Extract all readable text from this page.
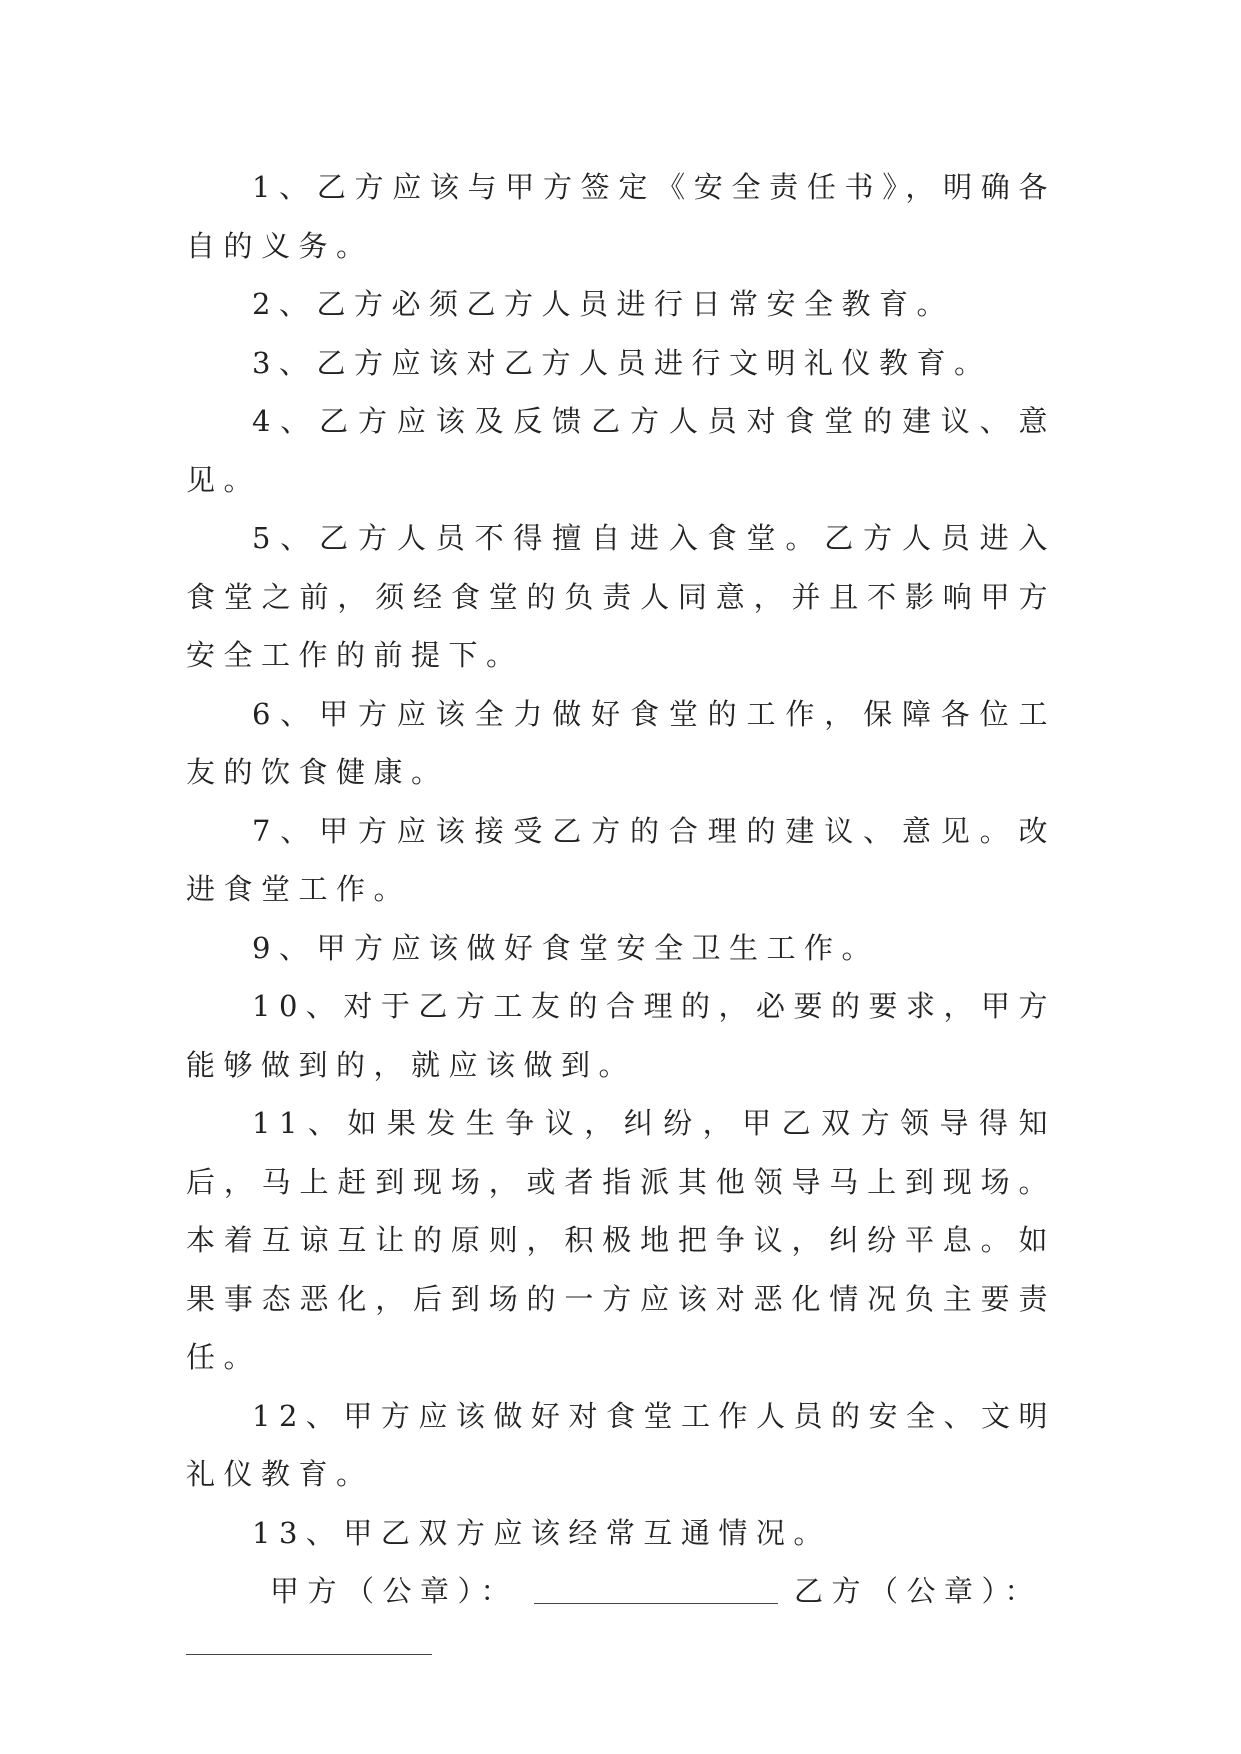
1、乙方应该与甲方签定《安全责任书》，明确各自的义务。

2、乙方必须乙方人员进行日常安全教育。

3、乙方应该对乙方人员进行文明礼仪教育。

4、乙方应该及反馈乙方人员对食堂的建议、意见。

5、乙方人员不得擅自进入食堂。乙方人员进入食堂之前，须经食堂的负责人同意，并且不影响甲方安全工作的前提下。

6、甲方应该全力做好食堂的工作，保障各位工友的饮食健康。

7、甲方应该接受乙方的合理的建议、意见。改进食堂工作。

9、甲方应该做好食堂安全卫生工作。

10、对于乙方工友的合理的，必要的要求，甲方能够做到的，就应该做到。

11、如果发生争议，纠纷，甲乙双方领导得知后，马上赶到现场，或者指派其他领导马上到现场。本着互谅互让的原则，积极地把争议，纠纷平息。如果事态恶化，后到场的一方应该对恶化情况负主要责任。

12、甲方应该做好对食堂工作人员的安全、文明礼仪教育。

13、甲乙双方应该经常互通情况。

甲方（公章）：	乙方（公章）：
